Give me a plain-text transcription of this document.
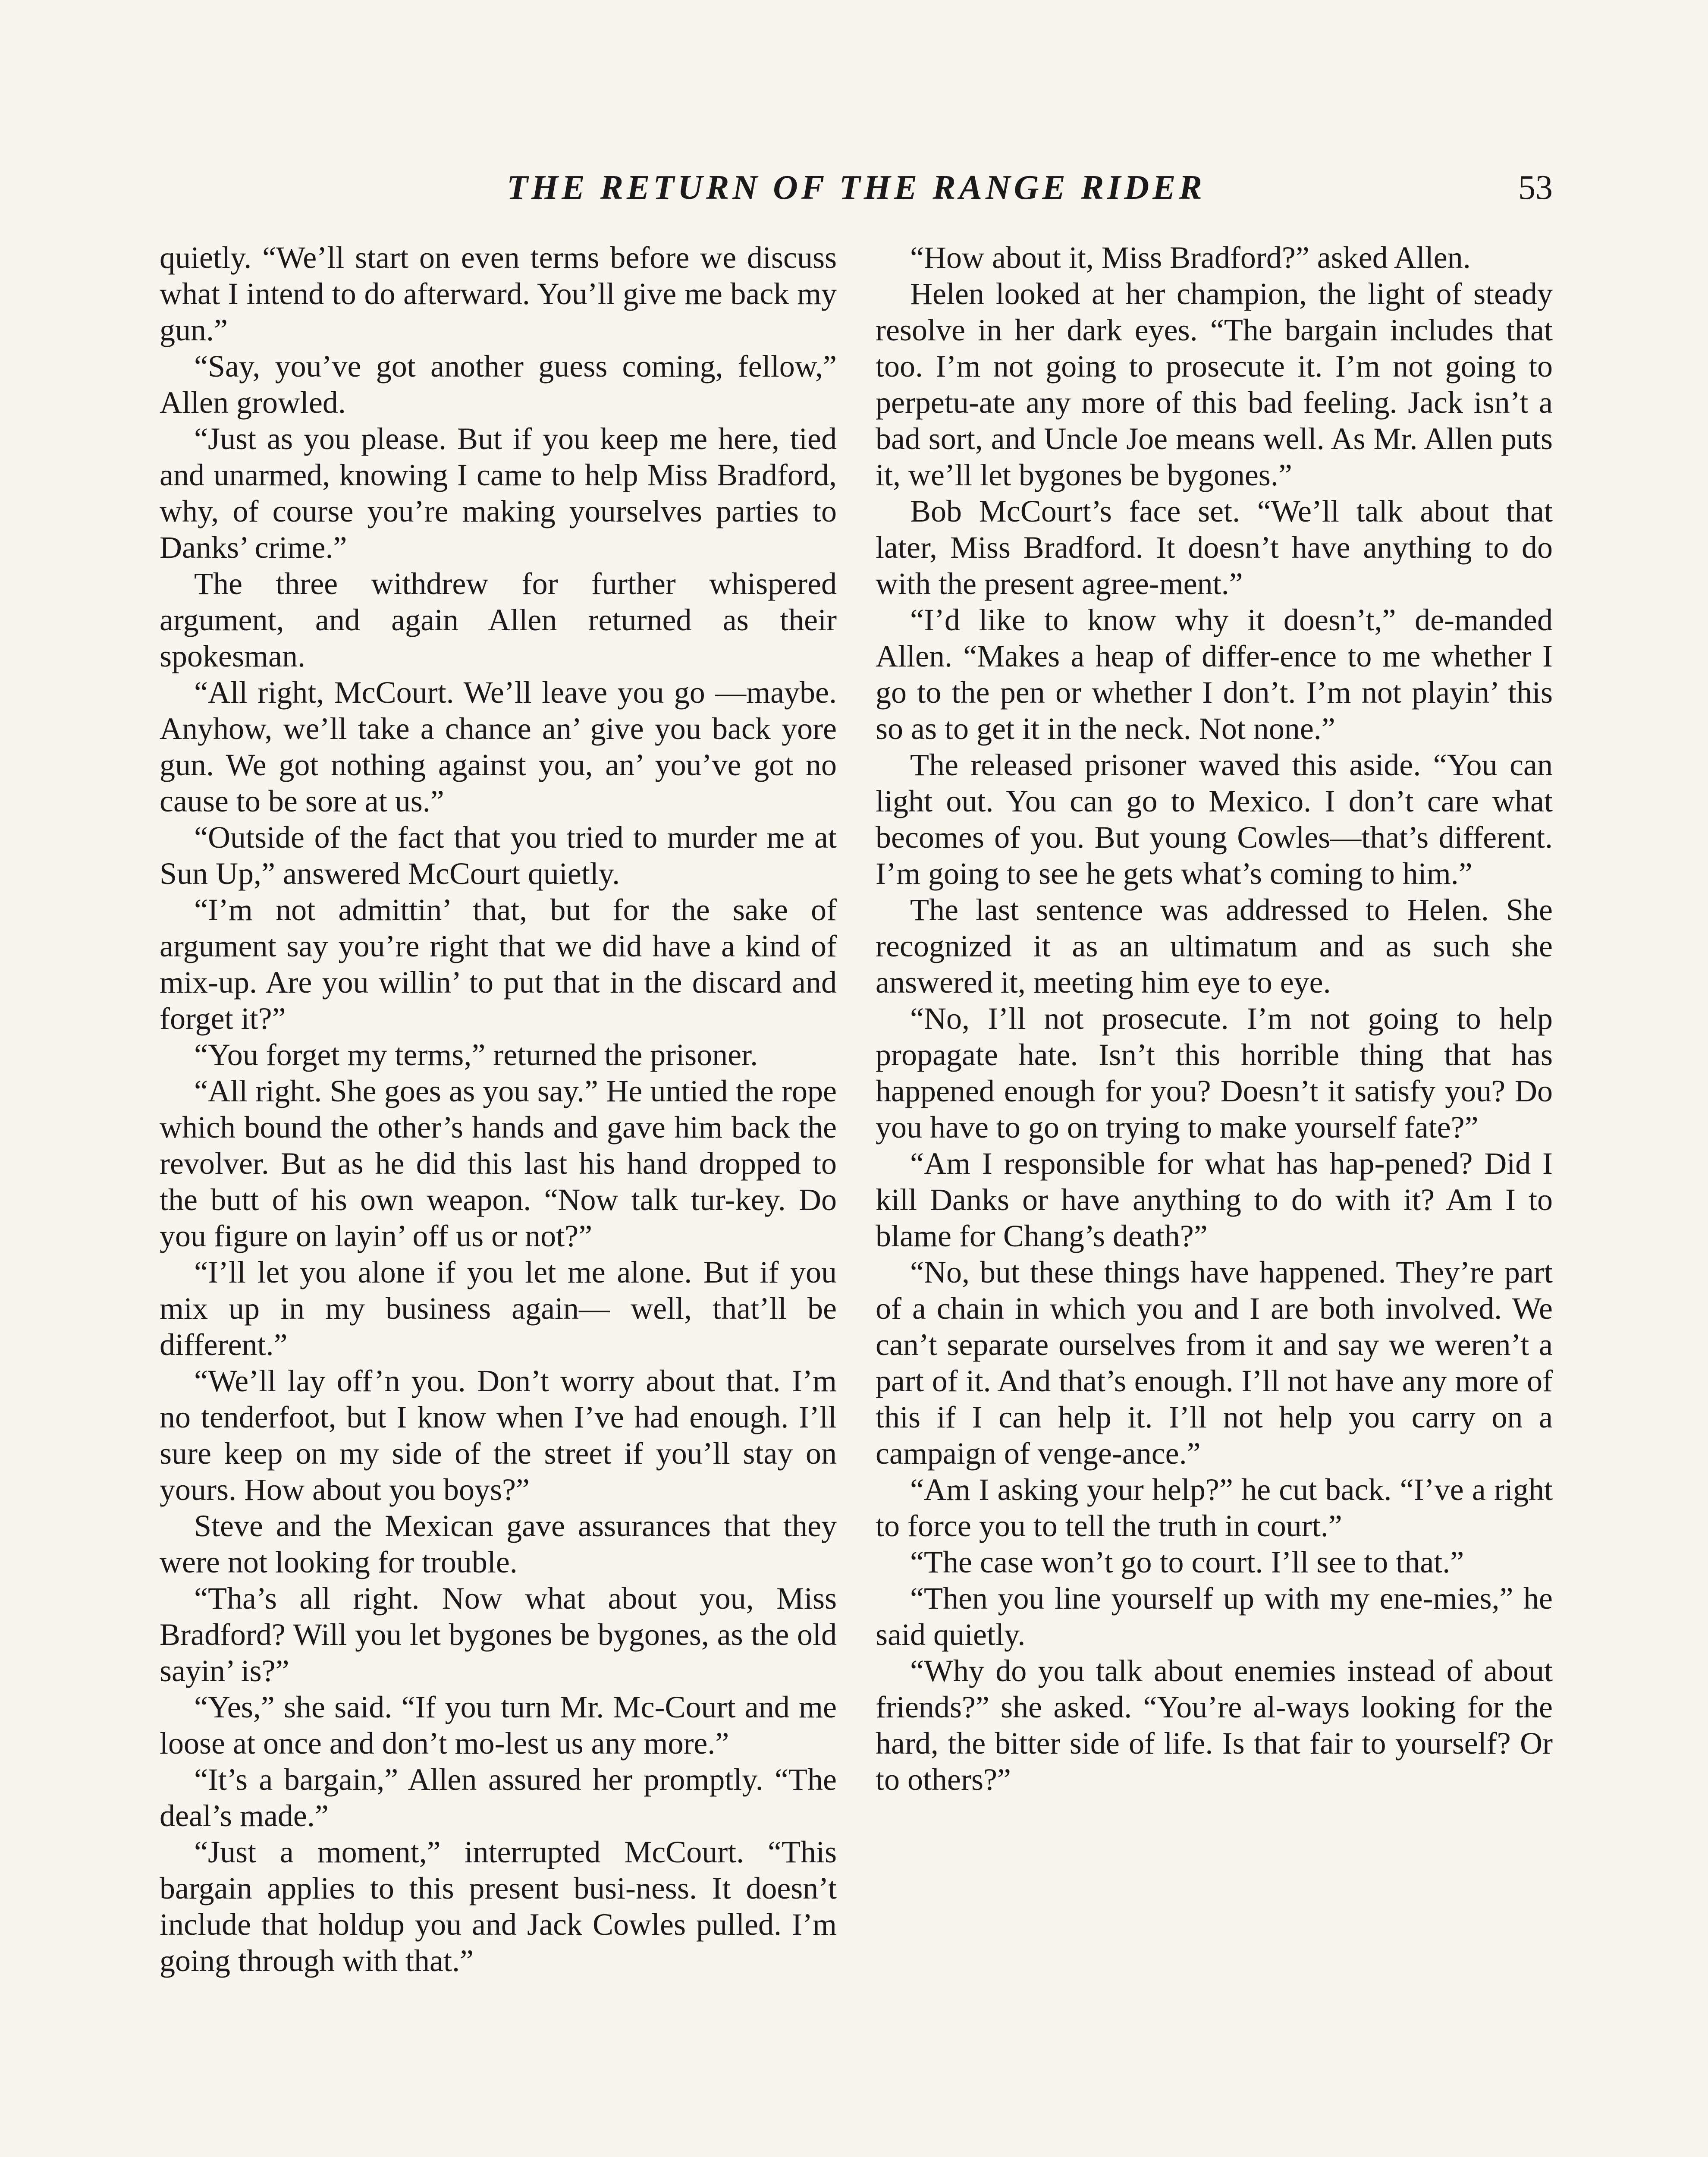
THE RETURN OF THE RANGE RIDER	53

quietly. “We’ll start on even terms before we discuss what I intend to do afterward. You’ll give me back my gun.”

“Say, you’ve got another guess coming, fellow,” Allen growled.

“Just as you please. But if you keep me here, tied and unarmed, knowing I came to help Miss Bradford, why, of course you’re making yourselves parties to Danks’ crime.”

The three withdrew for further whispered argument, and again Allen returned as their spokesman.

“All right, McCourt. We’ll leave you go —maybe. Anyhow, we’ll take a chance an’ give you back yore gun. We got nothing against you, an’ you’ve got no cause to be sore at us.”

“Outside of the fact that you tried to murder me at Sun Up,” answered McCourt quietly.

“I’m not admittin’ that, but for the sake of argument say you’re right that we did have a kind of mix-up. Are you willin’ to put that in the discard and forget it?”

“You forget my terms,” returned the prisoner.

“All right. She goes as you say.” He untied the rope which bound the other’s hands and gave him back the revolver. But as he did this last his hand dropped to the butt of his own weapon. “Now talk tur-key. Do you figure on layin’ off us or not?”

“I’ll let you alone if you let me alone. But if you mix up in my business again— well, that’ll be different.”

“We’ll lay off’n you. Don’t worry about that. I’m no tenderfoot, but I know when I’ve had enough. I’ll sure keep on my side of the street if you’ll stay on yours. How about you boys?”

Steve and the Mexican gave assurances that they were not looking for trouble.

“Tha’s all right. Now what about you, Miss Bradford? Will you let bygones be bygones, as the old sayin’ is?”

“Yes,” she said. “If you turn Mr. Mc-Court and me loose at once and don’t mo-lest us any more.”

“It’s a bargain,” Allen assured her promptly. “The deal’s made.”

“Just a moment,” interrupted McCourt. “This bargain applies to this present busi-ness. It doesn’t include that holdup you and Jack Cowles pulled. I’m going through with that.”

“How about it, Miss Bradford?” asked Allen.

Helen looked at her champion, the light of steady resolve in her dark eyes. “The bargain includes that too. I’m not going to prosecute it. I’m not going to perpetu-ate any more of this bad feeling. Jack isn’t a bad sort, and Uncle Joe means well. As Mr. Allen puts it, we’ll let bygones be bygones.”

Bob McCourt’s face set. “We’ll talk about that later, Miss Bradford. It doesn’t have anything to do with the present agree-ment.”

“I’d like to know why it doesn’t,” de-manded Allen. “Makes a heap of differ-ence to me whether I go to the pen or whether I don’t. I’m not playin’ this so as to get it in the neck. Not none.”

The released prisoner waved this aside. “You can light out. You can go to Mexico. I don’t care what becomes of you. But young Cowles—that’s different. I’m going to see he gets what’s coming to him.”

The last sentence was addressed to Helen. She recognized it as an ultimatum and as such she answered it, meeting him eye to eye.

“No, I’ll not prosecute. I’m not going to help propagate hate. Isn’t this horrible thing that has happened enough for you? Doesn’t it satisfy you? Do you have to go on trying to make yourself fate?”

“Am I responsible for what has hap-pened? Did I kill Danks or have anything to do with it? Am I to blame for Chang’s death?”

“No, but these things have happened. They’re part of a chain in which you and I are both involved. We can’t separate ourselves from it and say we weren’t a part of it. And that’s enough. I’ll not have any more of this if I can help it. I’ll not help you carry on a campaign of venge-ance.”

“Am I asking your help?” he cut back. “I’ve a right to force you to tell the truth in court.”

“The case won’t go to court. I’ll see to that.”

“Then you line yourself up with my ene-mies,” he said quietly.

“Why do you talk about enemies instead of about friends?” she asked. “You’re al-ways looking for the hard, the bitter side of life. Is that fair to yourself? Or to others?”
